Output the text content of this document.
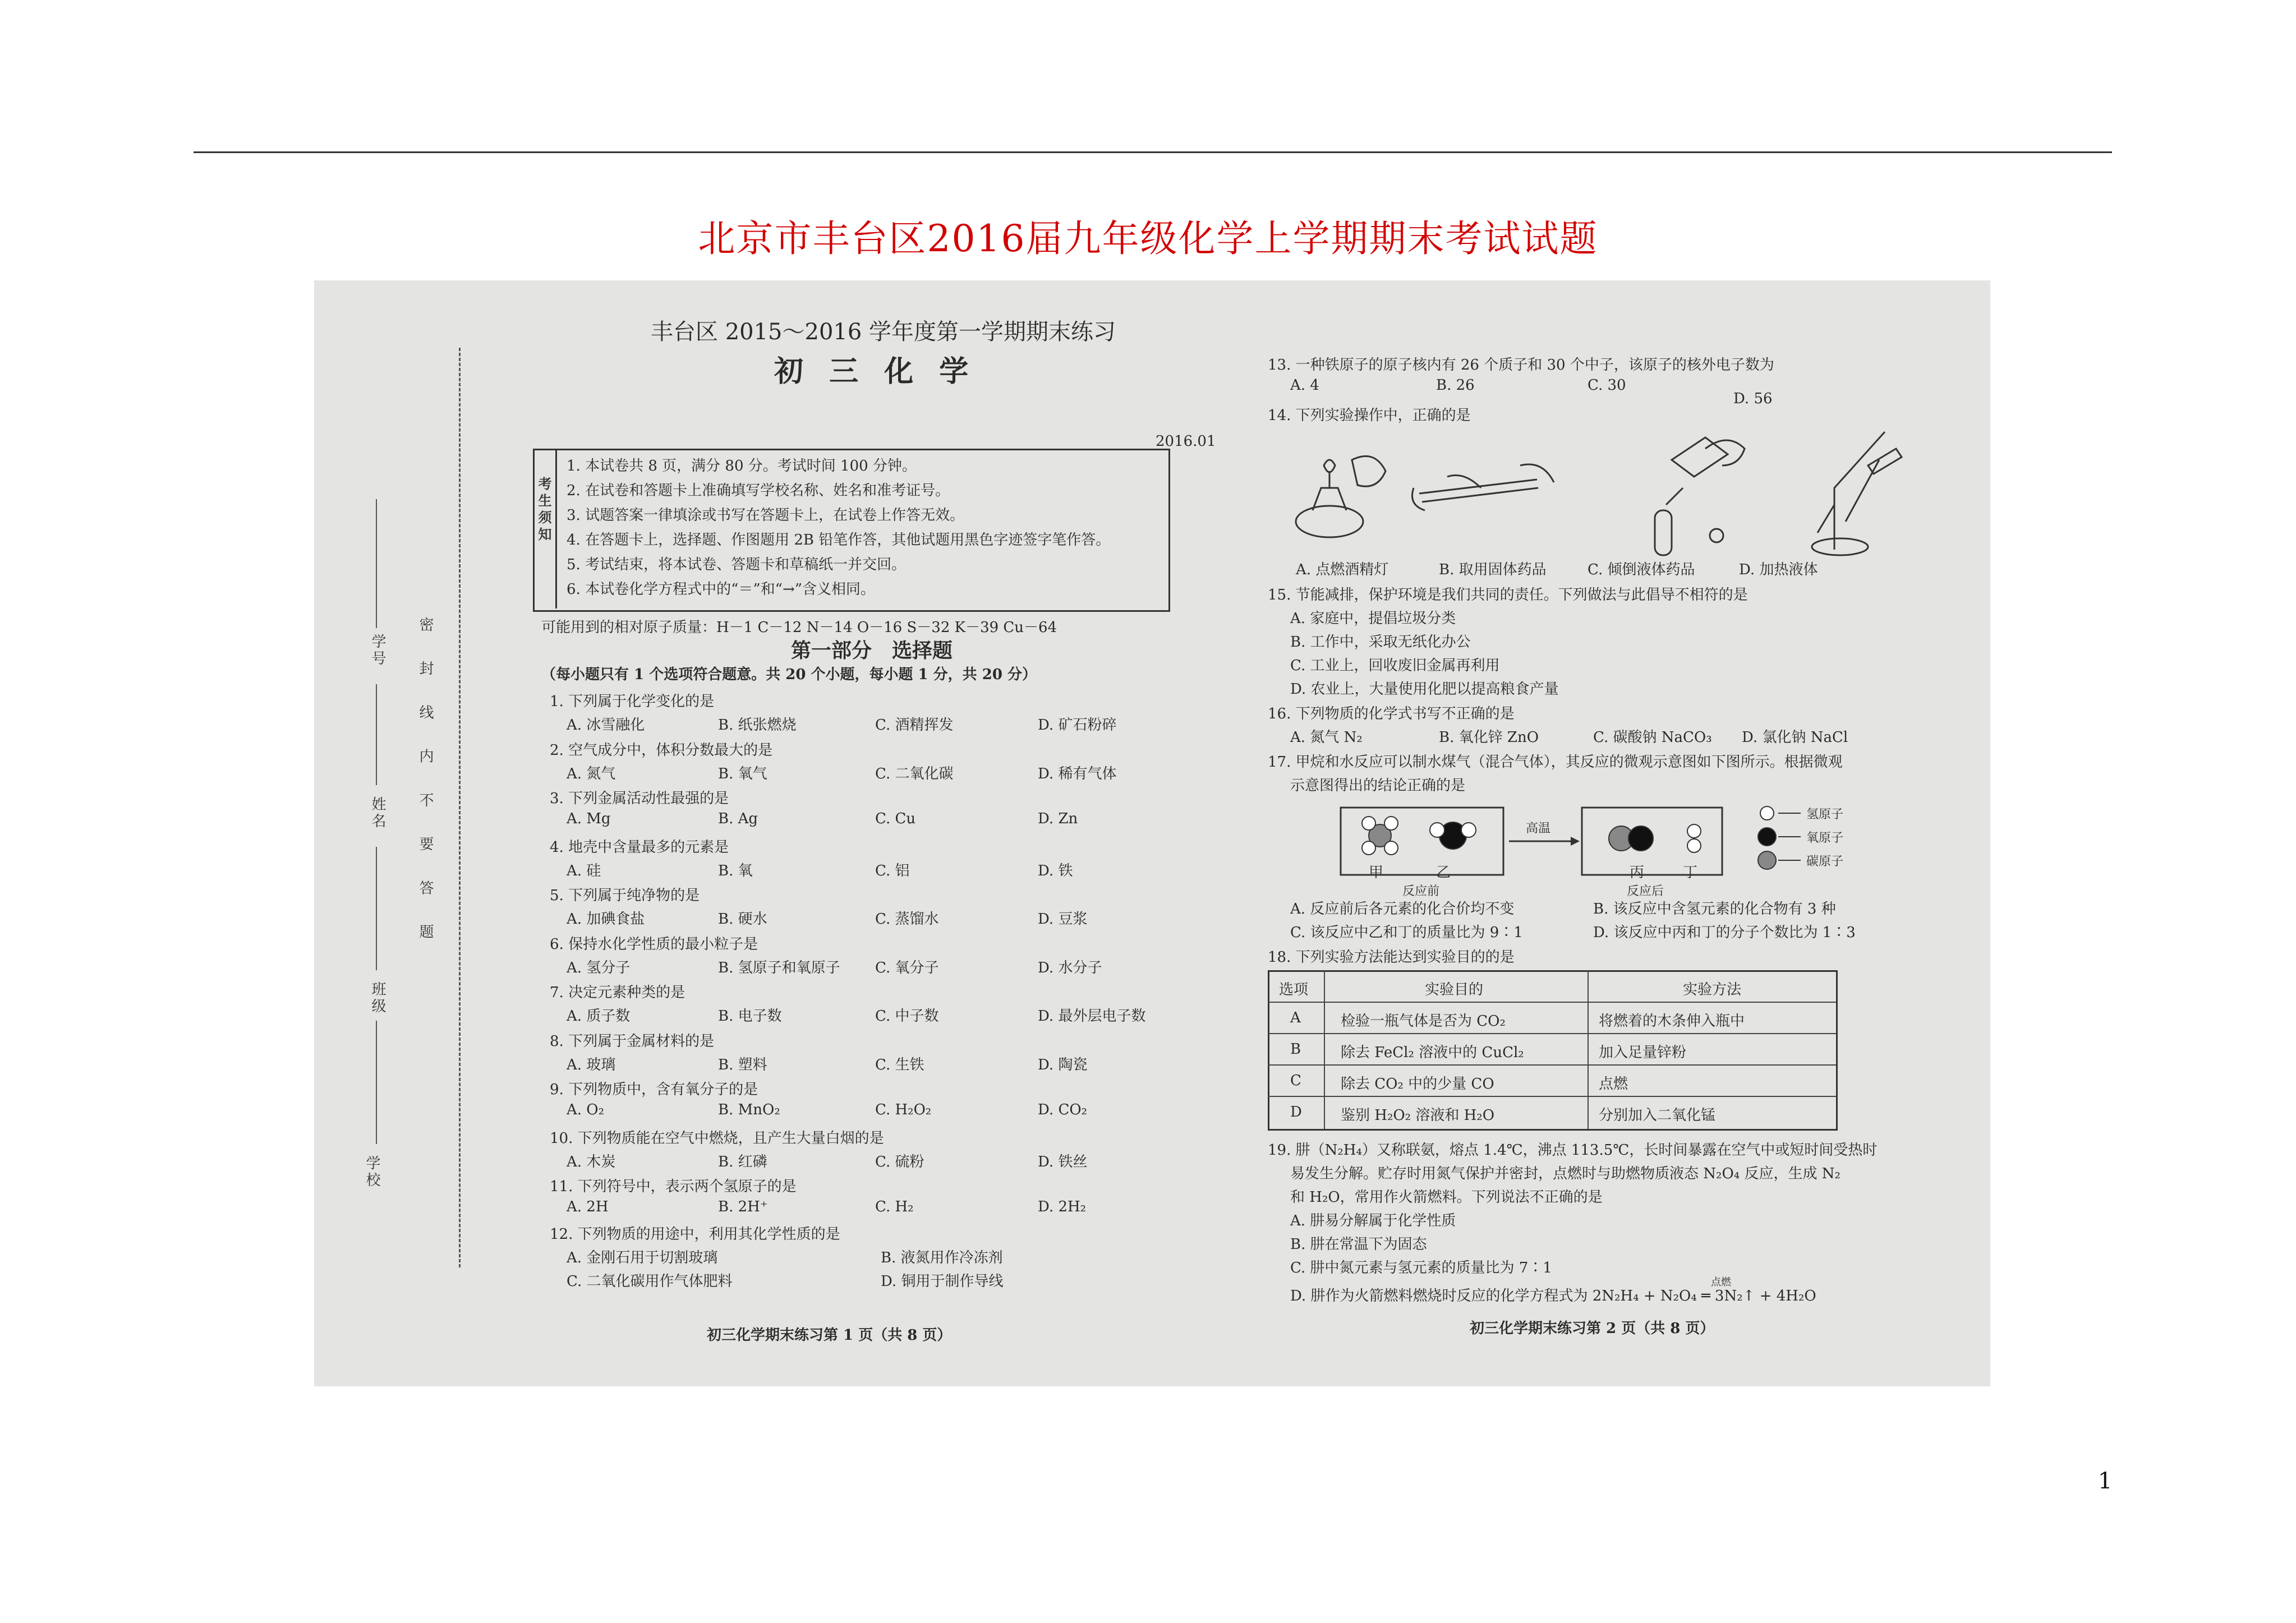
北京市丰台区2016届九年级化学上学期期末考试试题
密 封 线 内 不 要 答 题
学号
姓名
班级
学校
丰台区 2015～2016 学年度第一学期期末练习
初 三 化 学
2016.01
考生须知
1. 本试卷共 8 页，满分 80 分。考试时间 100 分钟。
2. 在试卷和答题卡上准确填写学校名称、姓名和准考证号。
3. 试题答案一律填涂或书写在答题卡上，在试卷上作答无效。
4. 在答题卡上，选择题、作图题用 2B 铅笔作答，其他试题用黑色字迹签字笔作答。
5. 考试结束，将本试卷、答题卡和草稿纸一并交回。
6. 本试卷化学方程式中的“＝”和“→”含义相同。
可能用到的相对原子质量：H－1 C－12 N－14 O－16 S－32 K－39 Cu－64
第一部分　选择题
（每小题只有 1 个选项符合题意。共 20 个小题，每小题 1 分，共 20 分）
1. 下列属于化学变化的是
A. 冰雪融化	B. 纸张燃烧	C. 酒精挥发	D. 矿石粉碎
2. 空气成分中，体积分数最大的是
A. 氮气	B. 氧气	C. 二氧化碳	D. 稀有气体
3. 下列金属活动性最强的是
A. Mg	B. Ag	C. Cu	D. Zn
4. 地壳中含量最多的元素是
A. 硅	B. 氧	C. 铝	D. 铁
5. 下列属于纯净物的是
A. 加碘食盐	B. 硬水	C. 蒸馏水	D. 豆浆
6. 保持水化学性质的最小粒子是
A. 氢分子	B. 氢原子和氧原子 C. 氧分子	D. 水分子
7. 决定元素种类的是
A. 质子数	B. 电子数	C. 中子数	D. 最外层电子数
8. 下列属于金属材料的是
A. 玻璃	B. 塑料	C. 生铁	D. 陶瓷
9. 下列物质中，含有氧分子的是
A. O₂	B. MnO₂	C. H₂O₂	D. CO₂
10. 下列物质能在空气中燃烧，且产生大量白烟的是
A. 木炭	B. 红磷	C. 硫粉	D. 铁丝
11. 下列符号中，表示两个氢原子的是
A. 2H	B. 2H⁺	C. H₂	D. 2H₂
12. 下列物质的用途中，利用其化学性质的是
A. 金刚石用于切割玻璃	B. 液氮用作冷冻剂
C. 二氧化碳用作气体肥料	D. 铜用于制作导线
初三化学期末练习第 1 页（共 8 页）
13. 一种铁原子的原子核内有 26 个质子和 30 个中子，该原子的核外电子数为
A. 4	B. 26	C. 30
D. 56
14. 下列实验操作中，正确的是
A. 点燃酒精灯	B. 取用固体药品	C. 倾倒液体药品	D. 加热液体
15. 节能减排，保护环境是我们共同的责任。下列做法与此倡导不相符的是
A. 家庭中，提倡垃圾分类
B. 工作中，采取无纸化办公
C. 工业上，回收废旧金属再利用
D. 农业上，大量使用化肥以提高粮食产量
16. 下列物质的化学式书写不正确的是
A. 氮气 N₂	B. 氧化锌 ZnO	C. 碳酸钠 NaCO₃ D. 氯化钠 NaCl
17. 甲烷和水反应可以制水煤气（混合气体），其反应的微观示意图如下图所示。根据微观
示意图得出的结论正确的是
甲	乙	丙	丁
高温
反应前	反应后
氢原子
氧原子
碳原子
A. 反应前后各元素的化合价均不变	B. 该反应中含氢元素的化合物有 3 种
C. 该反应中乙和丁的质量比为 9∶1	D. 该反应中丙和丁的分子个数比为 1∶3
18. 下列实验方法能达到实验目的的是
选项	实验目的	实验方法
A	检验一瓶气体是否为 CO₂	将燃着的木条伸入瓶中
B	除去 FeCl₂ 溶液中的 CuCl₂	加入足量锌粉
C	除去 CO₂ 中的少量 CO	点燃
D	鉴别 H₂O₂ 溶液和 H₂O	分别加入二氧化锰
19. 肼（N₂H₄）又称联氨，熔点 1.4℃，沸点 113.5℃，长时间暴露在空气中或短时间受热时
易发生分解。贮存时用氮气保护并密封，点燃时与助燃物质液态 N₂O₄ 反应，生成 N₂
和 H₂O，常用作火箭燃料。下列说法不正确的是
A. 肼易分解属于化学性质
B. 肼在常温下为固态
C. 肼中氮元素与氢元素的质量比为 7∶1
点燃
D. 肼作为火箭燃料燃烧时反应的化学方程式为 2N₂H₄ + N₂O₄ ═ 3N₂↑ + 4H₂O
初三化学期末练习第 2 页（共 8 页）
1
